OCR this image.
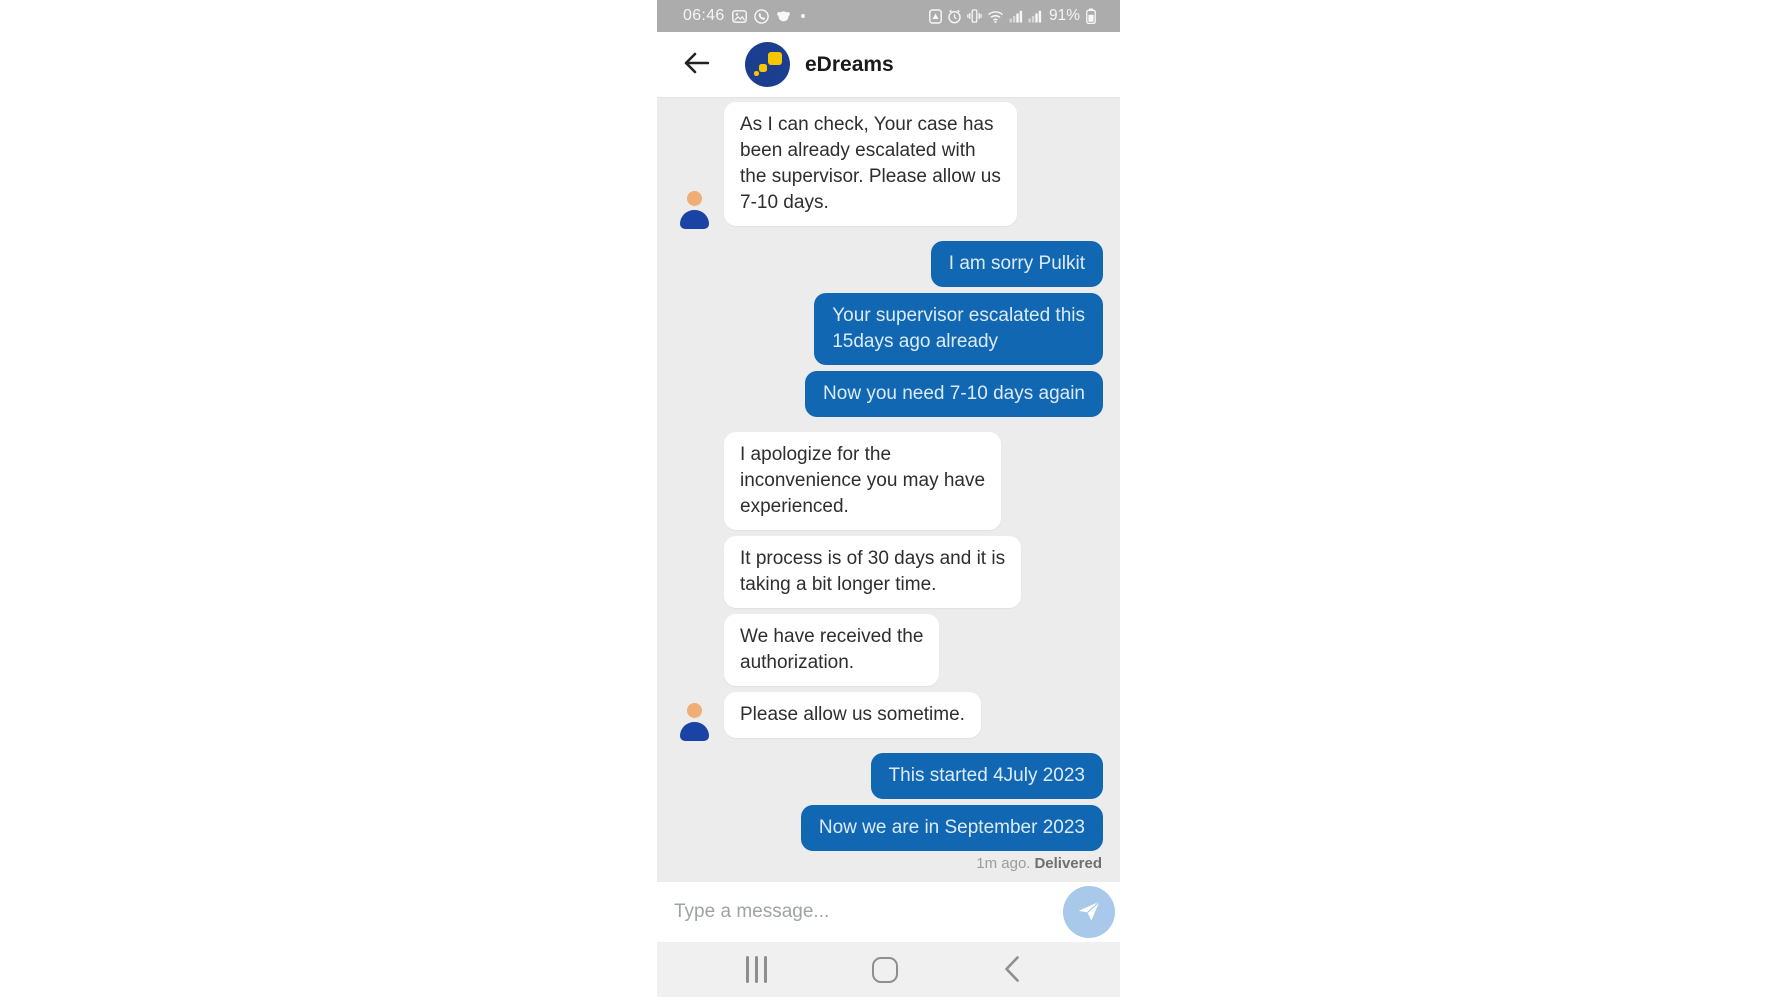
06:46	91%
eDreams
As I can check, Your case has
been already escalated with
the supervisor. Please allow us
7-10 days.
I am sorry Pulkit
Your supervisor escalated this
15days ago already
Now you need 7-10 days again
I apologize for the
inconvenience you may have
experienced.
It process is of 30 days and it is
taking a bit longer time.
We have received the
authorization.
Please allow us sometime.
This started 4July 2023
Now we are in September 2023
1m ago. Delivered
Type a message...
